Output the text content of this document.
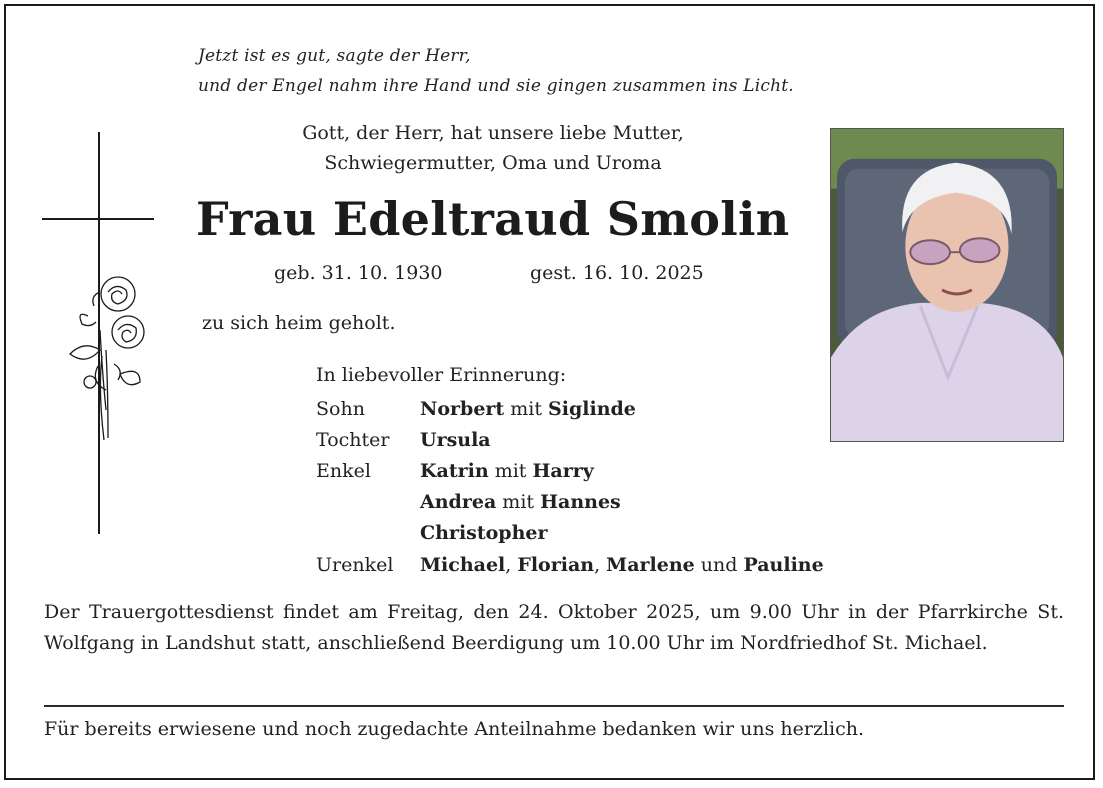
Jetzt ist es gut, sagte der Herr,
und der Engel nahm ihre Hand und sie gingen zusammen ins Licht.
Gott, der Herr, hat unsere liebe Mutter,
Schwiegermutter, Oma und Uroma
Frau Edeltraud Smolin
geb. 31. 10. 1930	gest. 16. 10. 2025
zu sich heim geholt.
In liebevoller Erinnerung:
Sohn	Norbert mit Siglinde
Tochter Ursula
Enkel	Katrin mit Harry
Andrea mit Hannes
Christopher
Urenkel Michael, Florian, Marlene und Pauline
Der Trauergottesdienst findet am Freitag, den 24. Oktober 2025, um 9.00 Uhr in der Pfarrkirche St. Wolfgang in Landshut statt, anschließend Beerdigung um 10.00 Uhr im Nordfriedhof St. Michael.
Für bereits erwiesene und noch zugedachte Anteilnahme bedanken wir uns herzlich.
